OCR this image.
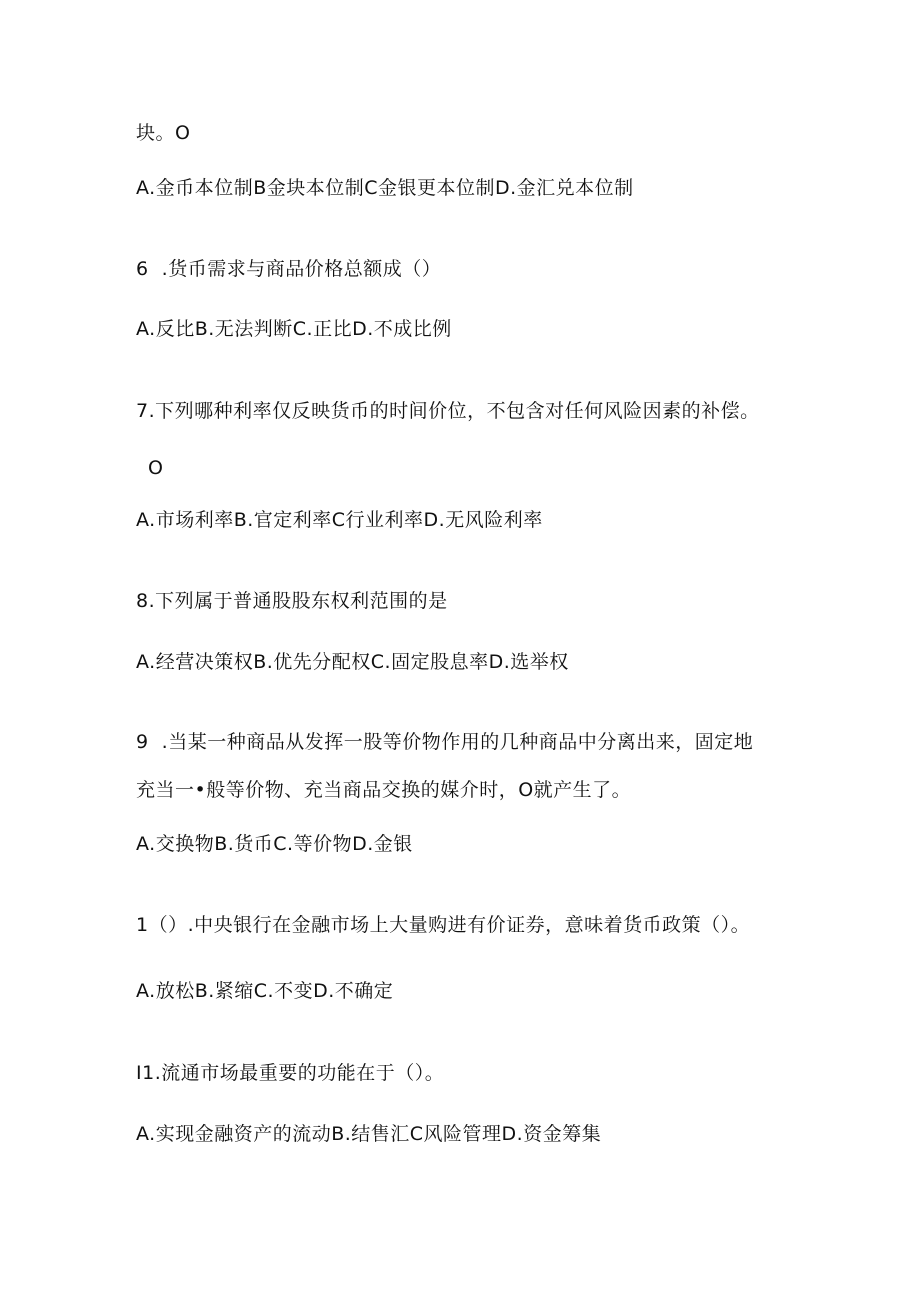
块。O
A.金币本位制B金块本位制C金银更本位制D.金汇兑本位制
6  .货币需求与商品价格总额成（）
A.反比B.无法判断C.正比D.不成比例
7.下列哪种利率仅反映货币的时间价位，不包含对任何风险因素的补偿。
O
A.市场利率B.官定利率C行业利率D.无风险利率
8.下列属于普通股股东权利范围的是
A.经营决策权B.优先分配权C.固定股息率D.选举权
9  .当某一种商品从发挥一股等价物作用的几种商品中分离出来，固定地
充当一•般等价物、充当商品交换的媒介时，O就产生了。
A.交换物B.货币C.等价物D.金银
1（）.中央银行在金融市场上大量购进有价证券，意味着货币政策（）。
A.放松B.紧缩C.不变D.不确定
I1.流通市场最重要的功能在于（）。
A.实现金融资产的流动B.结售汇C风险管理D.资金筹集
